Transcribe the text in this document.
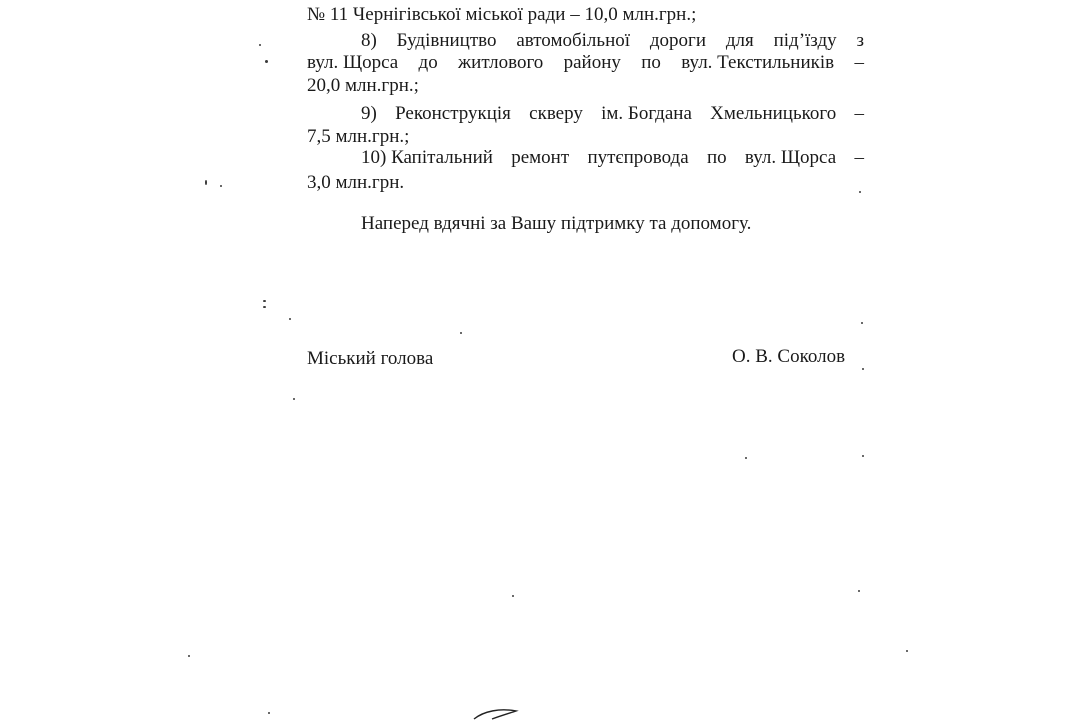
№ 11 Чернігівської міської ради – 10,0 млн.грн.;
8) Будівництво автомобільної дороги для під’їзду з
вул. Щорса до житлового району по вул. Текстильників –
20,0 млн.грн.;
9) Реконструкція скверу ім. Богдана Хмельницького –
7,5 млн.грн.;
10) Капітальний ремонт путєпровода по вул. Щорса –
3,0 млн.грн.
Наперед вдячні за Вашу підтримку та допомогу.
Міський голова	О. В. Соколов
